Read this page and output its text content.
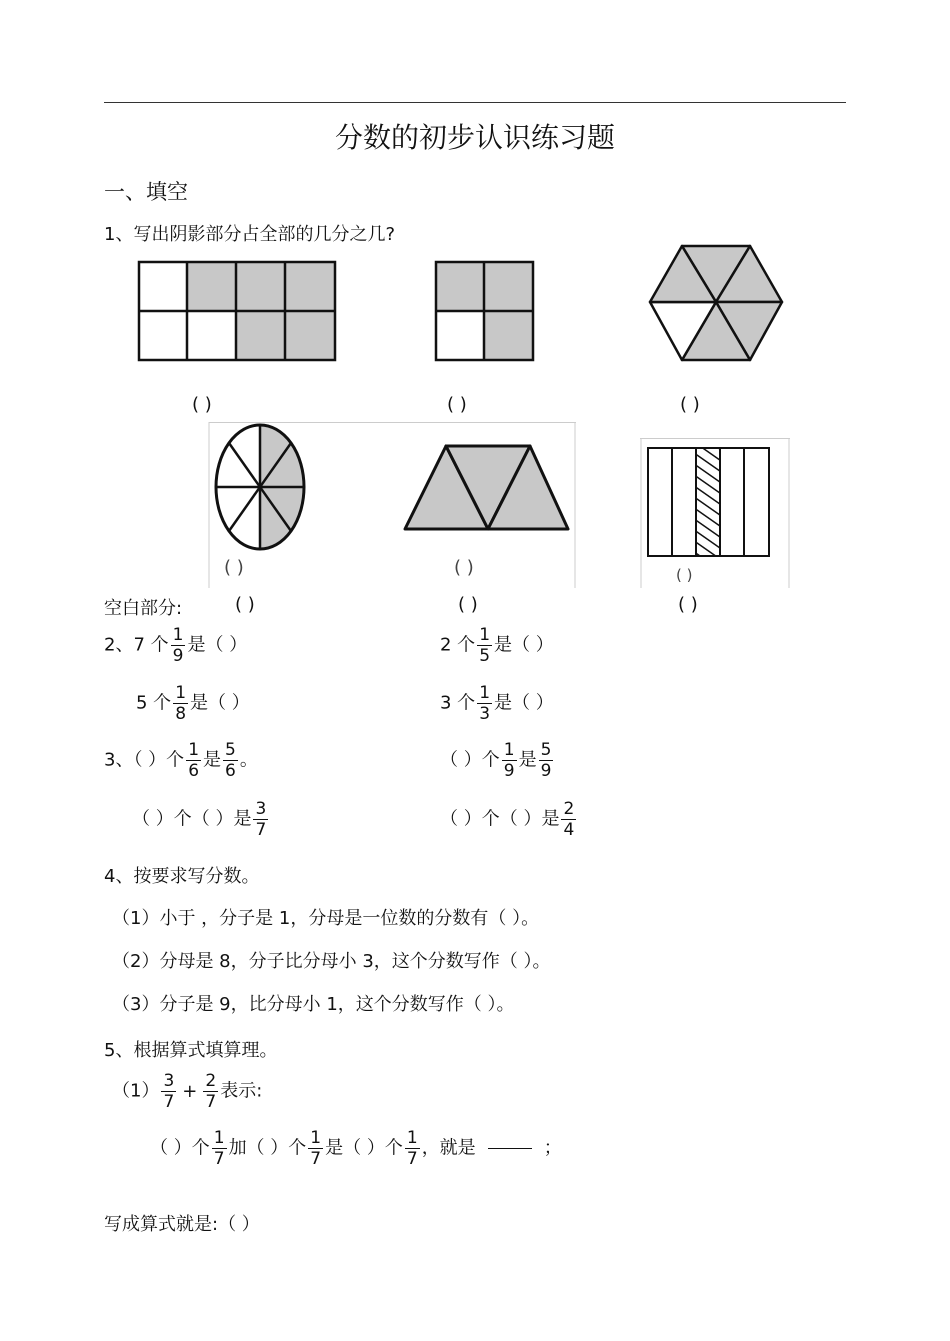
分数的初步认识练习题
一、填空
1、写出阴影部分占全部的几分之几?
( )	( )	( )
( )	( )	( )
空白部分:	( )	( )	( )
2、7 个 $\frac{1}{9}$ 是（ ）	2 个 $\frac{1}{5}$ 是（ ）
5 个 $\frac{1}{8}$ 是（ ）	3 个 $\frac{1}{3}$ 是（ ）
3、（ ）个 $\frac{1}{6}$ 是 $\frac{5}{6}$ 。	（ ）个 $\frac{1}{9}$ 是 $\frac{5}{9}$
（ ）个（ ）是 $\frac{3}{7}$	（ ）个（ ）是 $\frac{2}{4}$
4、按要求写分数。
（1）小于 ，分子是 1，分母是一位数的分数有（ ）。
（2）分母是 8，分子比分母小 3，这个分数写作（ ）。
（3）分子是 9，比分母小 1，这个分数写作（ ）。
5、根据算式填算理。
$(1) \frac{3}{7} + \frac{2}{7}$ 表示:
（ ）个 $\frac{1}{7}$ 加（ ）个 $\frac{1}{7}$ 是（ ）个 $\frac{1}{7}$ ，就是	；
写成算式就是:（ ）
